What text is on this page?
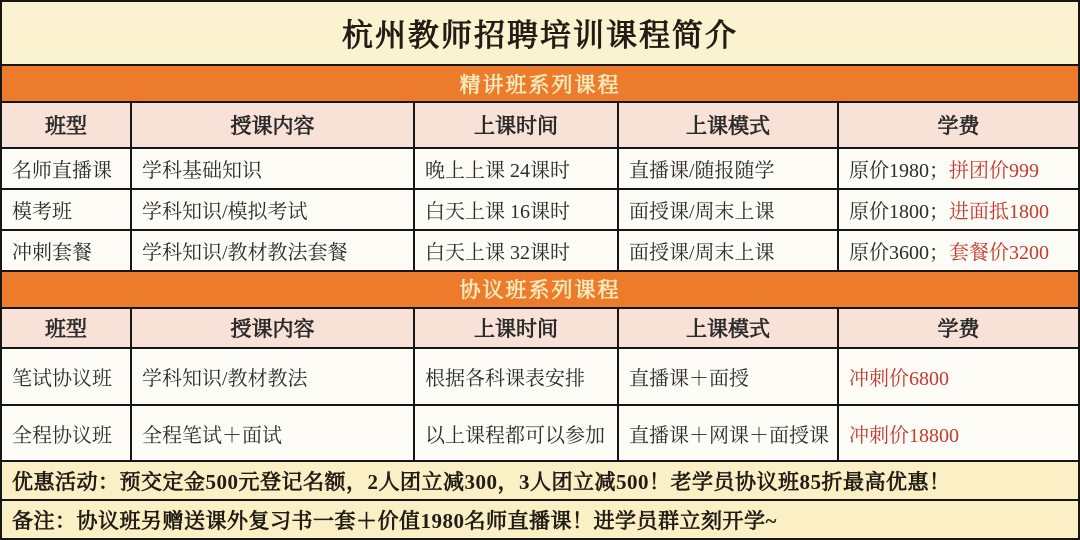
杭州教师招聘培训课程简介
精讲班系列课程
班型	授课内容	上课时间	上课模式	学费
名师直播课	学科基础知识	晚上上课 24课时	直播课/随报随学	原价1980； 拼团价999
模考班	学科知识/模拟考试	白天上课 16课时	面授课/周末上课	原价1800； 进面抵1800
冲刺套餐	学科知识/教材教法套餐	白天上课 32课时	面授课/周末上课	原价3600； 套餐价3200
协议班系列课程
班型	授课内容	上课时间	上课模式	学费
笔试协议班	学科知识/教材教法	根据各科课表安排	直播课＋面授	冲刺价6800
全程协议班	全程笔试＋面试	以上课程都可以参加	直播课＋网课＋面授课	冲刺价18800
优惠活动：预交定金500元登记名额，2人团立减300，3人团立减500！老学员协议班85折最高优惠！
备注：协议班另赠送课外复习书一套＋价值1980名师直播课！进学员群立刻开学~
